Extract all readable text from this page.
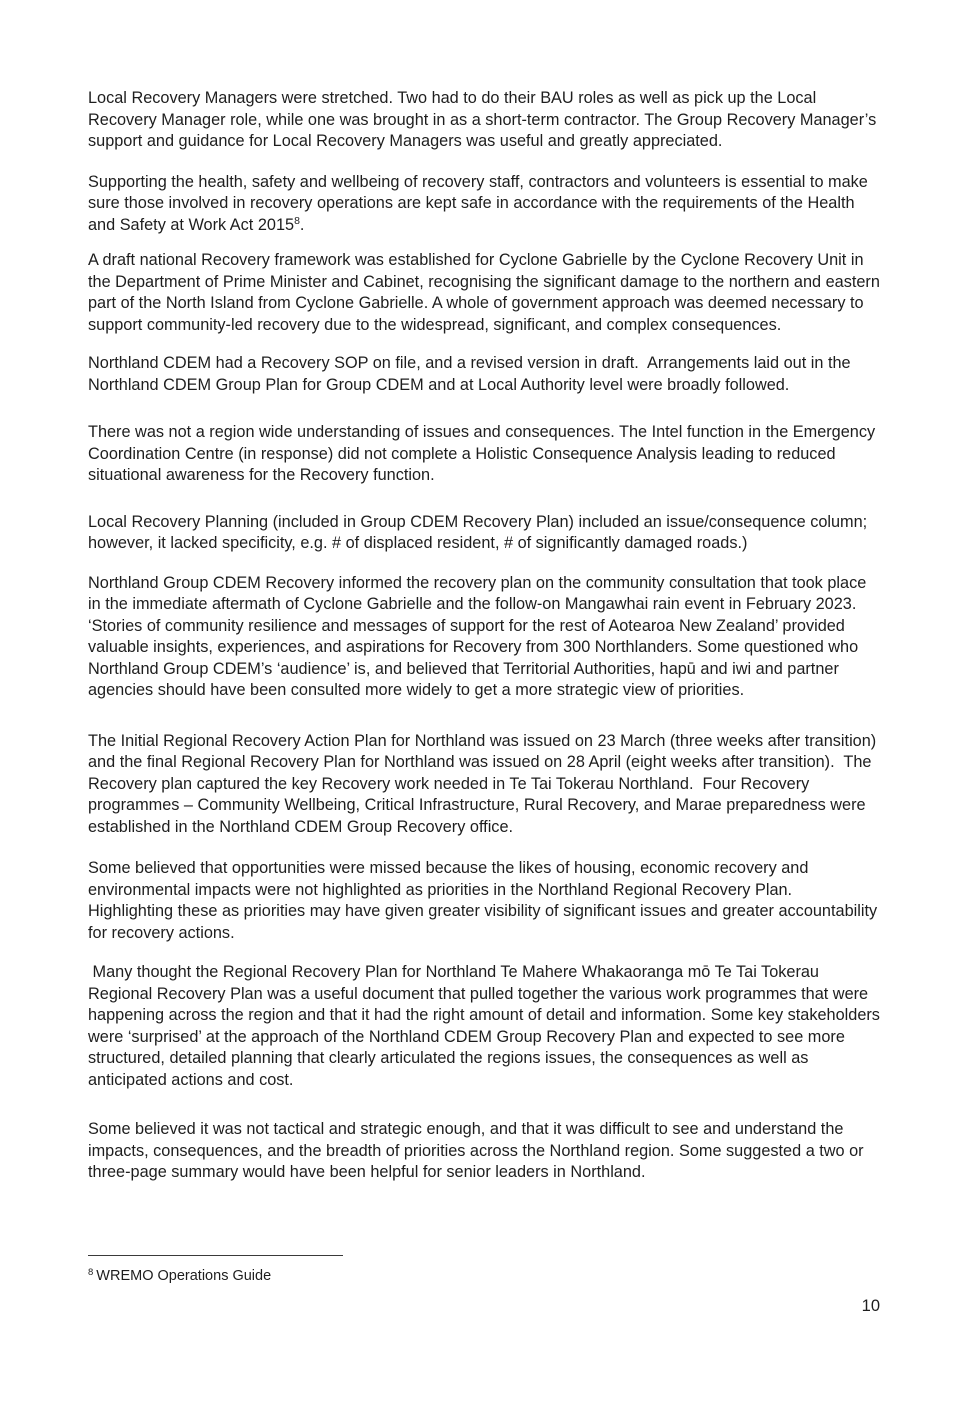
Local Recovery Managers were stretched. Two had to do their BAU roles as well as pick up the Local Recovery Manager role, while one was brought in as a short-term contractor. The Group Recovery Manager’s support and guidance for Local Recovery Managers was useful and greatly appreciated.

Supporting the health, safety and wellbeing of recovery staff, contractors and volunteers is essential to make sure those involved in recovery operations are kept safe in accordance with the requirements of the Health and Safety at Work Act 2015$^8$.

A draft national Recovery framework was established for Cyclone Gabrielle by the Cyclone Recovery Unit in the Department of Prime Minister and Cabinet, recognising the significant damage to the northern and eastern part of the North Island from Cyclone Gabrielle. A whole of government approach was deemed necessary to support community-led recovery due to the widespread, significant, and complex consequences.

Northland CDEM had a Recovery SOP on file, and a revised version in draft.  Arrangements laid out in the Northland CDEM Group Plan for Group CDEM and at Local Authority level were broadly followed.

There was not a region wide understanding of issues and consequences. The Intel function in the Emergency Coordination Centre (in response) did not complete a Holistic Consequence Analysis leading to reduced situational awareness for the Recovery function.

Local Recovery Planning (included in Group CDEM Recovery Plan) included an issue/consequence column; however, it lacked specificity, e.g. # of displaced resident, # of significantly damaged roads.)

Northland Group CDEM Recovery informed the recovery plan on the community consultation that took place in the immediate aftermath of Cyclone Gabrielle and the follow-on Mangawhai rain event in February 2023.  ‘Stories of community resilience and messages of support for the rest of Aotearoa New Zealand’ provided valuable insights, experiences, and aspirations for Recovery from 300 Northlanders. Some questioned who Northland Group CDEM’s ‘audience’ is, and believed that Territorial Authorities, hapū and iwi and partner agencies should have been consulted more widely to get a more strategic view of priorities.

The Initial Regional Recovery Action Plan for Northland was issued on 23 March (three weeks after transition) and the final Regional Recovery Plan for Northland was issued on 28 April (eight weeks after transition).  The Recovery plan captured the key Recovery work needed in Te Tai Tokerau Northland.  Four Recovery programmes – Community Wellbeing, Critical Infrastructure, Rural Recovery, and Marae preparedness were established in the Northland CDEM Group Recovery office.

Some believed that opportunities were missed because the likes of housing, economic recovery and environmental impacts were not highlighted as priorities in the Northland Regional Recovery Plan. Highlighting these as priorities may have given greater visibility of significant issues and greater accountability for recovery actions.

Many thought the Regional Recovery Plan for Northland Te Mahere Whakaoranga mō Te Tai Tokerau Regional Recovery Plan was a useful document that pulled together the various work programmes that were happening across the region and that it had the right amount of detail and information. Some key stakeholders were ‘surprised’ at the approach of the Northland CDEM Group Recovery Plan and expected to see more structured, detailed planning that clearly articulated the regions issues, the consequences as well as anticipated actions and cost.

Some believed it was not tactical and strategic enough, and that it was difficult to see and understand the impacts, consequences, and the breadth of priorities across the Northland region. Some suggested a two or three-page summary would have been helpful for senior leaders in Northland.

$^8$ WREMO Operations Guide
10
